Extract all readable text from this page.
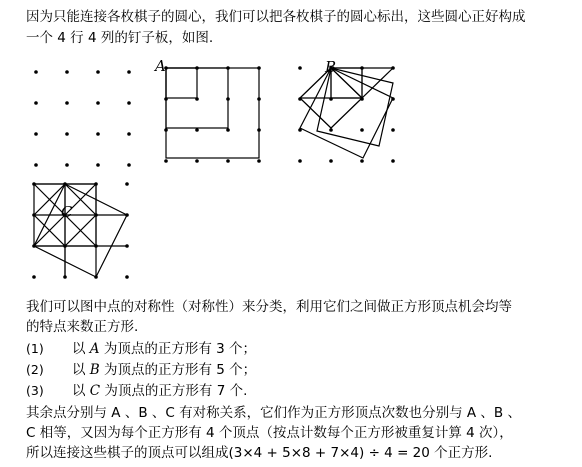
因为只能连接各枚棋子的圆心，我们可以把各枚棋子的圆心标出，这些圆心正好构成
一个 4 行 4 列的钉子板，如图.
A	B
C
我们可以图中点的对称性（对称性）来分类，利用它们之间做正方形顶点机会均等
的特点来数正方形.
(1) 以 A 为顶点的正方形有 3 个；
(2) 以 B 为顶点的正方形有 5 个；
(3) 以 C 为顶点的正方形有 7 个.
其余点分别与 A 、B 、C 有对称关系，它们作为正方形顶点次数也分别与 A 、B 、
C 相等，又因为每个正方形有 4 个顶点（按点计数每个正方形被重复计算 4 次），
所以连接这些棋子的顶点可以组成(3×4 + 5×8 + 7×4) ÷ 4 = 20 个正方形.
